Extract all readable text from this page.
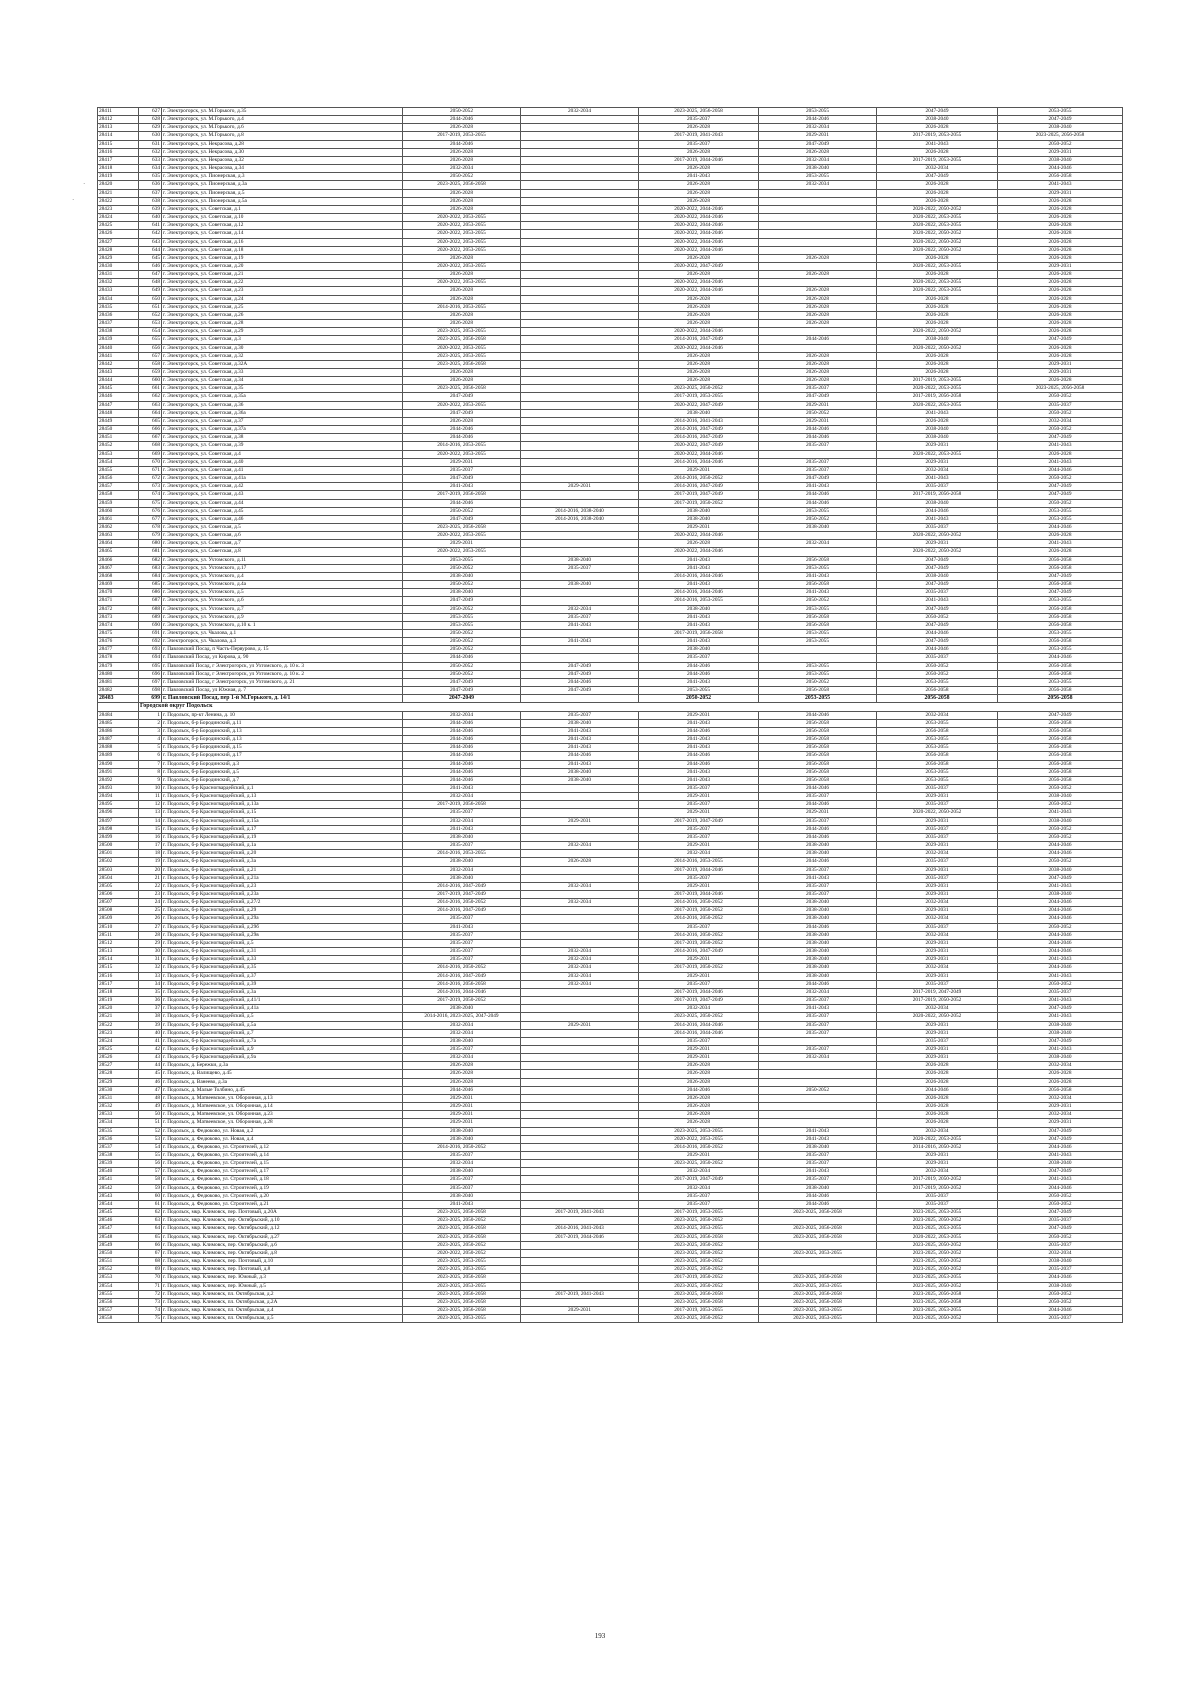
28411	627	г. Электрогорск, ул. М.Горького, д.35	2050-2052	2032-2034	2023-2025, 2056-2058	2053-2055	2047-2049	2053-2055
28412	628	г. Электрогорск, ул. М.Горького, д.4	2044-2046		2035-2037	2044-2046	2038-2040	2047-2049
28413	629	г. Электрогорск, ул. М.Горького, д.6	2026-2028		2026-2028	2032-2034	2026-2028	2038-2040
28414	630	г. Электрогорск, ул. М.Горького, д.8	2017-2019, 2053-2055		2017-2019, 2041-2043	2029-2031	2017-2019, 2053-2055	2023-2025, 2056-2058
28415	631	г. Электрогорск, ул. Некрасова, д.28	2044-2046		2035-2037	2047-2049	2041-2043	2050-2052
28416	632	г. Электрогорск, ул. Некрасова, д.30	2026-2028		2026-2028	2026-2028	2026-2028	2029-2031
28417	633	г. Электрогорск, ул. Некрасова, д.32	2026-2028		2017-2019, 2044-2046	2032-2034	2017-2019, 2053-2055	2038-2040
28418	634	г. Электрогорск, ул. Некрасова, д.34	2032-2034		2026-2028	2038-2040	2032-2034	2044-2046
28419	635	г. Электрогорск, ул. Пионерская, д.3	2050-2052		2041-2043	2053-2055	2047-2049	2056-2058
28420	636	г. Электрогорск, ул. Пионерская, д.3а	2023-2025, 2056-2058		2026-2028	2032-2034	2026-2028	2041-2043
28421	637	г. Электрогорск, ул. Пионерская, д.5	2026-2028		2026-2028		2026-2028	2029-2031
28422	638	г. Электрогорск, ул. Пионерская, д.5а	2026-2028		2026-2028		2026-2028	2026-2028
28423	639	г. Электрогорск, ул. Советская, д.1	2026-2028		2020-2022, 2044-2046		2020-2022, 2050-2052	2026-2028
28424	640	г. Электрогорск, ул. Советская, д.10	2020-2022, 2053-2055		2020-2022, 2044-2046		2020-2022, 2053-2055	2026-2028
28425	641	г. Электрогорск, ул. Советская, д.12	2020-2022, 2053-2055		2020-2022, 2044-2046		2020-2022, 2053-2055	2026-2028
28426	642	г. Электрогорск, ул. Советская, д.14	2020-2022, 2053-2055		2020-2022, 2044-2046		2020-2022, 2050-2052	2026-2028
28427	643	г. Электрогорск, ул. Советская, д.16	2020-2022, 2053-2055		2020-2022, 2044-2046		2020-2022, 2050-2052	2026-2028
28428	644	г. Электрогорск, ул. Советская, д.18	2020-2022, 2053-2055		2020-2022, 2044-2046		2020-2022, 2050-2052	2026-2028
28429	645	г. Электрогорск, ул. Советская, д.19	2026-2028		2026-2028	2026-2028	2026-2028	2026-2028
28430	646	г. Электрогорск, ул. Советская, д.20	2020-2022, 2053-2055		2020-2022, 2047-2049		2020-2022, 2053-2055	2029-2031
28431	647	г. Электрогорск, ул. Советская, д.21	2026-2028		2026-2028	2026-2028	2026-2028	2026-2028
28432	648	г. Электрогорск, ул. Советская, д.22	2020-2022, 2053-2055		2020-2022, 2044-2046		2020-2022, 2053-2055	2026-2028
28433	649	г. Электрогорск, ул. Советская, д.23	2026-2028		2020-2022, 2044-2046	2026-2028	2020-2022, 2053-2055	2026-2028
28434	650	г. Электрогорск, ул. Советская, д.24	2026-2028		2026-2028	2026-2028	2026-2028	2026-2028
28435	651	г. Электрогорск, ул. Советская, д.25	2014-2016, 2053-2055		2026-2028	2026-2028	2026-2028	2026-2028
28436	652	г. Электрогорск, ул. Советская, д.26	2026-2028		2026-2028	2026-2028	2026-2028	2026-2028
28437	653	г. Электрогорск, ул. Советская, д.28	2026-2028		2026-2028	2026-2028	2026-2028	2026-2028
28438	654	г. Электрогорск, ул. Советская, д.29	2023-2025, 2053-2055		2020-2022, 2044-2046		2020-2022, 2050-2052	2026-2028
28439	655	г. Электрогорск, ул. Советская, д.3	2023-2025, 2056-2058		2014-2016, 2047-2049	2044-2046	2038-2040	2047-2049
28440	656	г. Электрогорск, ул. Советская, д.30	2020-2022, 2053-2055		2020-2022, 2044-2046		2020-2022, 2050-2052	2026-2028
28441	657	г. Электрогорск, ул. Советская, д.32	2023-2025, 2053-2055		2026-2028	2026-2028	2026-2028	2026-2028
28442	658	г. Электрогорск, ул. Советская, д.32А	2023-2025, 2056-2058		2026-2028	2026-2028	2026-2028	2029-2031
28443	659	г. Электрогорск, ул. Советская, д.33	2026-2028		2026-2028	2026-2028	2026-2028	2029-2031
28444	660	г. Электрогорск, ул. Советская, д.34	2026-2028		2026-2028	2026-2028	2017-2019, 2053-2055	2026-2028
28445	661	г. Электрогорск, ул. Советская, д.35	2023-2025, 2056-2058		2023-2025, 2050-2052	2035-2037	2020-2022, 2053-2055	2023-2025, 2056-2058
28446	662	г. Электрогорск, ул. Советская, д.35а	2047-2049		2017-2019, 2053-2055	2047-2049	2017-2019, 2056-2058	2050-2052
28447	663	г. Электрогорск, ул. Советская, д.36	2020-2022, 2053-2055		2020-2022, 2047-2049	2029-2031	2020-2022, 2053-2055	2035-2037
28448	664	г. Электрогорск, ул. Советская, д.36а	2047-2049		2038-2040	2050-2052	2041-2043	2050-2052
28449	665	г. Электрогорск, ул. Советская, д.37	2026-2028		2014-2016, 2041-2043	2029-2031	2026-2028	2032-2034
28450	666	г. Электрогорск, ул. Советская, д.37а	2044-2046		2014-2016, 2047-2049	2044-2046	2038-2040	2050-2052
28451	667	г. Электрогорск, ул. Советская, д.38	2044-2046		2014-2016, 2047-2049	2044-2046	2038-2040	2047-2049
28452	668	г. Электрогорск, ул. Советская, д.39	2014-2016, 2053-2055		2020-2022, 2047-2049	2035-2037	2029-2031	2041-2043
28453	669	г. Электрогорск, ул. Советская, д.4	2020-2022, 2053-2055		2020-2022, 2044-2046		2020-2022, 2053-2055	2026-2028
28454	670	г. Электрогорск, ул. Советская, д.40	2029-2031		2014-2016, 2044-2046	2035-2037	2029-2031	2041-2043
28455	671	г. Электрогорск, ул. Советская, д.41	2035-2037		2029-2031	2035-2037	2032-2034	2044-2046
28456	672	г. Электрогорск, ул. Советская, д.41а	2047-2049		2014-2016, 2050-2052	2047-2049	2041-2043	2050-2052
28457	673	г. Электрогорск, ул. Советская, д.42	2041-2043	2029-2031	2014-2016, 2047-2049	2041-2043	2035-2037	2047-2049
28458	674	г. Электрогорск, ул. Советская, д.43	2017-2019, 2056-2058		2017-2019, 2047-2049	2044-2046	2017-2019, 2056-2058	2047-2049
28459	675	г. Электрогорск, ул. Советская, д.44	2044-2046		2017-2019, 2050-2052	2044-2046	2038-2040	2050-2052
28460	676	г. Электрогорск, ул. Советская, д.45	2050-2052	2014-2016, 2038-2040	2038-2040	2053-2055	2044-2046	2053-2055
28461	677	г. Электрогорск, ул. Советская, д.46	2047-2049	2014-2016, 2038-2040	2038-2040	2050-2052	2041-2043	2053-2055
28462	678	г. Электрогорск, ул. Советская, д.5	2023-2025, 2056-2058		2029-2031	2038-2040	2035-2037	2044-2046
28463	679	г. Электрогорск, ул. Советская, д.6	2020-2022, 2053-2055		2020-2022, 2044-2046		2020-2022, 2050-2052	2026-2028
28464	680	г. Электрогорск, ул. Советская, д.7	2029-2031		2026-2028	2032-2034	2029-2031	2041-2043
28465	681	г. Электрогорск, ул. Советская, д.8	2020-2022, 2053-2055		2020-2022, 2044-2046		2020-2022, 2050-2052	2026-2028
28466	682	г. Электрогорск, ул. Ухтомского, д.11	2053-2055	2038-2040	2041-2043	2056-2058	2047-2049	2056-2058
28467	683	г. Электрогорск, ул. Ухтомского, д.17	2050-2052	2035-2037	2041-2043	2053-2055	2047-2049	2056-2058
28468	684	г. Электрогорск, ул. Ухтомского, д.4	2038-2040		2014-2016, 2044-2046	2041-2043	2038-2040	2047-2049
28469	685	г. Электрогорск, ул. Ухтомского, д.4а	2050-2052	2038-2040	2041-2043	2056-2058	2047-2049	2056-2058
28470	686	г. Электрогорск, ул. Ухтомского, д.5	2038-2040		2014-2016, 2044-2046	2041-2043	2035-2037	2047-2049
28471	687	г. Электрогорск, ул. Ухтомского, д.6	2047-2049		2014-2016, 2053-2055	2050-2052	2041-2043	2053-2055
28472	688	г. Электрогорск, ул. Ухтомского, д.7	2050-2052	2032-2034	2038-2040	2053-2055	2047-2049	2056-2058
28473	689	г. Электрогорск, ул. Ухтомского, д.9	2053-2055	2035-2037	2041-2043	2056-2058	2050-2052	2056-2058
28474	690	г. Электрогорск, ул. Ухтомского, д.10 к. 1	2053-2055	2041-2043	2041-2043	2056-2058	2047-2049	2056-2058
28475	691	г. Электрогорск, ул. Чкалова, д.1	2050-2052		2017-2019, 2056-2058	2053-2055	2044-2046	2053-2055
28476	692	г. Электрогорск, ул. Чкалова, д.3	2050-2052	2041-2043	2041-2043	2053-2055	2047-2049	2056-2058
28477	693	г. Павловский Посад, п Часть-Первурово, д. 15	2050-2052		2038-2040		2044-2046	2053-2055
28478	694	г. Павловский Посад, ул Кирова, д. 90	2044-2046		2035-2037		2035-2037	2044-2046
28479	695	г. Павловский Посад, г Электрогорск, ул Ухтомского, д. 10 к. 3	2050-2052	2047-2049	2044-2046	2053-2055	2050-2052	2056-2058
28480	696	г. Павловский Посад, г Электрогорск, ул Ухтомского, д. 10 к. 2	2050-2052	2047-2049	2044-2046	2053-2055	2050-2052	2056-2058
28481	697	г. Павловский Посад, г Электрогорск, ул Ухтомского, д. 21	2047-2049	2044-2046	2041-2043	2050-2052	2053-2055	2053-2055
28482	698	г. Павловский Посад, ул Южная, д. 7	2047-2049	2047-2049	2053-2055	2056-2058	2056-2058	2056-2058
28483	699	г. Павловский Посад, пер 1-й М.Горького, д. 14/1	2047-2049		2050-2052	2053-2055	2056-2058	2056-2058
	Городской округ Подольск							
28484	1	г. Подольск, пр-кт Ленина, д. 10	2032-2034	2035-2037	2029-2031	2044-2046	2032-2034	2047-2049
28485	2	г. Подольск, б-р Бородинский, д.11	2044-2046	2038-2040	2041-2043	2056-2058	2053-2055	2056-2058
28486	3	г. Подольск, б-р Бородинский, д.13	2044-2046	2041-2043	2044-2046	2056-2058	2056-2058	2056-2058
28487	4	г. Подольск, б-р Бородинский, д.13	2044-2046	2041-2043	2041-2043	2056-2058	2053-2055	2056-2058
28488	5	г. Подольск, б-р Бородинский, д.15	2044-2046	2041-2043	2041-2043	2056-2058	2053-2055	2056-2058
28489	6	г. Подольск, б-р Бородинский, д.17	2044-2046	2044-2046	2044-2046	2056-2058	2056-2058	2056-2058
28490	7	г. Подольск, б-р Бородинский, д.3	2044-2046	2041-2043	2044-2046	2056-2058	2056-2058	2056-2058
28491	8	г. Подольск, б-р Бородинский, д.5	2044-2046	2038-2040	2041-2043	2056-2058	2053-2055	2056-2058
28492	9	г. Подольск, б-р Бородинский, д.7	2044-2046	2038-2040	2041-2043	2056-2058	2053-2055	2056-2058
28493	10	г. Подольск, б-р Красногвардейский, д.1	2041-2043		2035-2037	2044-2046	2035-2037	2050-2052
28494	11	г. Подольск, б-р Красногвардейский, д.13	2032-2034		2029-2031	2035-2037	2029-2031	2038-2040
28495	12	г. Подольск, б-р Красногвардейский, д.13а	2017-2019, 2056-2058		2035-2037	2044-2046	2035-2037	2050-2052
28496	13	г. Подольск, б-р Красногвардейский, д.15	2035-2037		2029-2031	2029-2031	2020-2022, 2050-2052	2041-2043
28497	14	г. Подольск, б-р Красногвардейский, д.15а	2032-2034	2029-2031	2017-2019, 2047-2049	2035-2037	2029-2031	2038-2040
28498	15	г. Подольск, б-р Красногвардейский, д.17	2041-2043		2035-2037	2044-2046	2035-2037	2050-2052
28499	16	г. Подольск, б-р Красногвардейский, д.19	2038-2040		2035-2037	2044-2046	2035-2037	2050-2052
28500	17	г. Подольск, б-р Красногвардейский, д.1а	2035-2037	2032-2034	2029-2031	2038-2040	2029-2031	2044-2046
28501	18	г. Подольск, б-р Красногвардейский, д.20	2014-2016, 2053-2055		2032-2034	2038-2040	2032-2034	2044-2046
28502	19	г. Подольск, б-р Красногвардейский, д.3а	2038-2040	2026-2028	2014-2016, 2053-2055	2044-2046	2035-2037	2050-2052
28503	20	г. Подольск, б-р Красногвардейский, д.21	2032-2034		2017-2019, 2044-2046	2035-2037	2029-2031	2038-2040
28504	21	г. Подольск, б-р Красногвардейский, д.21а	2038-2040		2035-2037	2041-2043	2035-2037	2047-2049
28505	22	г. Подольск, б-р Красногвардейский, д.23	2014-2016, 2047-2049	2032-2034	2029-2031	2035-2037	2029-2031	2041-2043
28506	23	г. Подольск, б-р Красногвардейский, д.23а	2017-2019, 2047-2049		2017-2019, 2044-2046	2035-2037	2029-2031	2038-2040
28507	24	г. Подольск, б-р Красногвардейский, д.27/2	2014-2016, 2050-2052	2032-2034	2014-2016, 2050-2052	2038-2040	2032-2034	2044-2046
28508	25	г. Подольск, б-р Красногвардейский, д.29	2014-2016, 2047-2049		2017-2019, 2050-2052	2038-2040	2029-2031	2044-2046
28509	26	г. Подольск, б-р Красногвардейский, д.29а	2035-2037		2014-2016, 2050-2052	2038-2040	2032-2034	2044-2046
28510	27	г. Подольск, б-р Красногвардейский, д.29б	2041-2043		2035-2037	2044-2046	2035-2037	2050-2052
28511	28	г. Подольск, б-р Красногвардейский, д.29в	2035-2037		2014-2016, 2050-2052	2038-2040	2032-2034	2044-2046
28512	29	г. Подольск, б-р Красногвардейский, д.5	2035-2037		2017-2019, 2050-2052	2038-2040	2029-2031	2044-2046
28513	30	г. Подольск, б-р Красногвардейский, д.31	2035-2037	2032-2034	2014-2016, 2047-2049	2038-2040	2029-2031	2044-2046
28514	31	г. Подольск, б-р Красногвардейский, д.33	2035-2037	2032-2034	2029-2031	2038-2040	2029-2031	2041-2043
28515	32	г. Подольск, б-р Красногвардейский, д.35	2014-2016, 2050-2052	2032-2034	2017-2019, 2050-2052	2038-2040	2032-2034	2044-2046
28516	33	г. Подольск, б-р Красногвардейский, д.37	2014-2016, 2047-2049	2032-2034	2029-2031	2038-2040	2029-2031	2041-2043
28517	34	г. Подольск, б-р Красногвардейский, д.39	2014-2016, 2056-2058	2032-2034	2035-2037	2044-2046	2035-2037	2050-2052
28518	35	г. Подольск, б-р Красногвардейский, д.3а	2014-2016, 2044-2046		2017-2019, 2044-2046	2032-2034	2017-2019, 2047-2049	2035-2037
28519	36	г. Подольск, б-р Красногвардейский, д.41/1	2017-2019, 2050-2052		2017-2019, 2047-2049	2035-2037	2017-2019, 2050-2052	2041-2043
28520	37	г. Подольск, б-р Красногвардейский, д.41а	2038-2040		2032-2034	2041-2043	2032-2034	2047-2049
28521	38	г. Подольск, б-р Красногвардейский, д.5	2014-2016, 2023-2025, 2047-2049		2023-2025, 2050-2052	2035-2037	2020-2022, 2050-2052	2041-2043
28522	39	г. Подольск, б-р Красногвардейский, д.5а	2032-2034	2029-2031	2014-2016, 2044-2046	2035-2037	2029-2031	2038-2040
28523	40	г. Подольск, б-р Красногвардейский, д.7	2032-2034		2014-2016, 2044-2046	2035-2037	2029-2031	2038-2040
28524	41	г. Подольск, б-р Красногвардейский, д.7а	2038-2040		2035-2037		2035-2037	2047-2049
28525	42	г. Подольск, б-р Красногвардейский, д.9	2035-2037		2029-2031	2035-2037	2029-2031	2041-2043
28526	43	г. Подольск, б-р Красногвардейский, д.9а	2032-2034		2029-2031	2032-2034	2029-2031	2038-2040
28527	44	г. Подольск, д. Бережки, д.3а	2026-2028		2026-2028		2026-2028	2032-2034
28528	45	г. Подольск, д. Валищево, д.45	2026-2028		2026-2028		2026-2028	2026-2028
28529	46	г. Подольск, д. Ванеево, д.3а	2026-2028		2026-2028		2026-2028	2026-2028
28530	47	г. Подольск, д. Малые Толбино, д.45	2044-2046		2044-2046	2050-2052	2044-2046	2056-2058
28531	48	г. Подольск, д. Матвеевское, ул. Оборонная, д.13	2029-2031		2026-2028		2026-2028	2032-2034
28532	49	г. Подольск, д. Матвеевское, ул. Оборонная, д.14	2029-2031		2026-2028		2026-2028	2029-2031
28533	50	г. Подольск, д. Матвеевское, ул. Оборонная, д.23	2029-2031		2026-2028		2026-2028	2032-2034
28534	51	г. Подольск, д. Матвеевское, ул. Оборонная, д.28	2029-2031		2026-2028		2026-2028	2029-2031
28535	52	г. Подольск, д. Федюково, ул. Новая, д.2	2038-2040		2023-2025, 2053-2055	2041-2043	2032-2034	2047-2049
28536	53	г. Подольск, д. Федюково, ул. Новая, д.4	2038-2040		2020-2022, 2053-2055	2041-2043	2020-2022, 2053-2055	2047-2049
28537	54	г. Подольск, д. Федюково, ул. Строителей, д.12	2014-2016, 2050-2052		2014-2016, 2050-2052	2038-2040	2014-2016, 2050-2052	2044-2046
28538	55	г. Подольск, д. Федюково, ул. Строителей, д.14	2035-2037		2029-2031	2035-2037	2029-2031	2041-2043
28539	56	г. Подольск, д. Федюково, ул. Строителей, д.15	2032-2034		2023-2025, 2050-2052	2035-2037	2029-2031	2038-2040
28540	57	г. Подольск, д. Федюково, ул. Строителей, д.17	2038-2040		2032-2034	2041-2043	2032-2034	2047-2049
28541	58	г. Подольск, д. Федюково, ул. Строителей, д.18	2035-2037		2017-2019, 2047-2049	2035-2037	2017-2019, 2050-2052	2041-2043
28542	59	г. Подольск, д. Федюково, ул. Строителей, д.19	2035-2037		2032-2034	2038-2040	2017-2019, 2050-2052	2044-2046
28543	60	г. Подольск, д. Федюково, ул. Строителей, д.20	2038-2040		2035-2037	2044-2046	2035-2037	2050-2052
28544	61	г. Подольск, д. Федюково, ул. Строителей, д.21	2041-2043		2035-2037	2044-2046	2035-2037	2050-2052
28545	62	г. Подольск, мкр. Климовск, пер. Почтовый, д.20А	2023-2025, 2056-2058	2017-2019, 2041-2043	2017-2019, 2053-2055	2023-2025, 2056-2058	2023-2025, 2053-2055	2047-2049
28546	63	г. Подольск, мкр. Климовск, пер. Октябрьский, д.10	2023-2025, 2050-2052		2023-2025, 2050-2052		2023-2025, 2050-2052	2035-2037
28547	64	г. Подольск, мкр. Климовск, пер. Октябрьский, д.12	2023-2025, 2056-2058	2014-2016, 2041-2043	2023-2025, 2053-2055	2023-2025, 2056-2058	2023-2025, 2053-2055	2047-2049
28548	65	г. Подольск, мкр. Климовск, пер. Октябрьский, д.27	2023-2025, 2056-2058	2017-2019, 2044-2046	2023-2025, 2056-2058	2023-2025, 2056-2058	2020-2022, 2053-2055	2050-2052
28549	66	г. Подольск, мкр. Климовск, пер. Октябрьский, д.6	2023-2025, 2050-2052		2023-2025, 2050-2052		2023-2025, 2050-2052	2035-2037
28550	67	г. Подольск, мкр. Климовск, пер. Октябрьский, д.8	2020-2022, 2050-2052		2023-2025, 2050-2052	2023-2025, 2053-2055	2023-2025, 2050-2052	2032-2034
28551	68	г. Подольск, мкр. Климовск, пер. Почтовый, д.10	2023-2025, 2053-2055		2023-2025, 2050-2052		2023-2025, 2050-2052	2038-2040
28552	69	г. Подольск, мкр. Климовск, пер. Почтовый, д.8	2023-2025, 2053-2055		2023-2025, 2050-2052		2023-2025, 2050-2052	2035-2037
28553	70	г. Подольск, мкр. Климовск, пер. Южный, д.3	2023-2025, 2056-2058		2017-2019, 2050-2052	2023-2025, 2056-2058	2023-2025, 2053-2055	2044-2046
28554	71	г. Подольск, мкр. Климовск, пер. Южный, д.5	2023-2025, 2053-2055		2023-2025, 2050-2052	2023-2025, 2053-2055	2023-2025, 2050-2052	2038-2040
28555	72	г. Подольск, мкр. Климовск, пл. Октябрьская, д.2	2023-2025, 2056-2058	2017-2019, 2041-2043	2023-2025, 2056-2058	2023-2025, 2056-2058	2023-2025, 2056-2058	2050-2052
28556	73	г. Подольск, мкр. Климовск, пл. Октябрьская, д.2А	2023-2025, 2056-2058		2023-2025, 2056-2058	2023-2025, 2056-2058	2023-2025, 2056-2058	2050-2052
28557	74	г. Подольск, мкр. Климовск, пл. Октябрьская, д.4	2023-2025, 2056-2058	2029-2031	2017-2019, 2053-2055	2023-2025, 2053-2055	2023-2025, 2053-2055	2044-2046
28558	75	г. Подольск, мкр. Климовск, пл. Октябрьская, д.5	2023-2025, 2053-2055		2023-2025, 2050-2052	2023-2025, 2053-2055	2023-2025, 2050-2052	2035-2037
·
·
193
